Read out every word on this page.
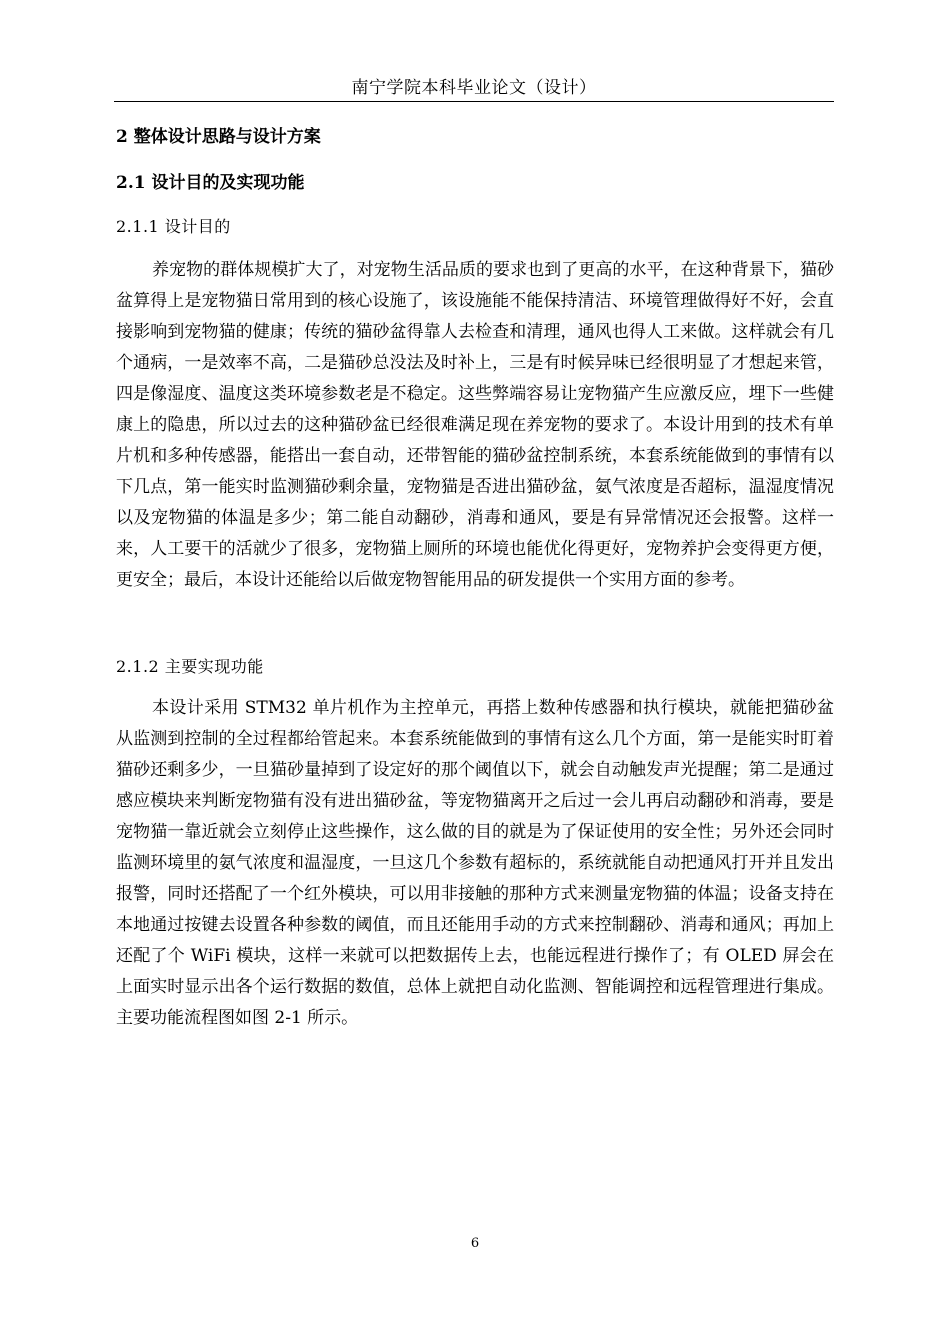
南宁学院本科毕业论文（设计）
2 整体设计思路与设计方案
2.1 设计目的及实现功能
2.1.1 设计目的
养宠物的群体规模扩大了，对宠物生活品质的要求也到了更高的水平，在这种背景下，猫砂盆算得上是宠物猫日常用到的核心设施了，该设施能不能保持清洁、环境管理做得好不好，会直接影响到宠物猫的健康；传统的猫砂盆得靠人去检查和清理，通风也得人工来做。这样就会有几个通病，一是效率不高，二是猫砂总没法及时补上，三是有时候异味已经很明显了才想起来管，四是像湿度、温度这类环境参数老是不稳定。这些弊端容易让宠物猫产生应激反应，埋下一些健康上的隐患，所以过去的这种猫砂盆已经很难满足现在养宠物的要求了。本设计用到的技术有单片机和多种传感器，能搭出一套自动，还带智能的猫砂盆控制系统，本套系统能做到的事情有以下几点，第一能实时监测猫砂剩余量，宠物猫是否进出猫砂盆，氨气浓度是否超标，温湿度情况以及宠物猫的体温是多少；第二能自动翻砂，消毒和通风，要是有异常情况还会报警。这样一来，人工要干的活就少了很多，宠物猫上厕所的环境也能优化得更好，宠物养护会变得更方便，更安全；最后，本设计还能给以后做宠物智能用品的研发提供一个实用方面的参考。
2.1.2 主要实现功能
本设计采用 STM32 单片机作为主控单元，再搭上数种传感器和执行模块，就能把猫砂盆从监测到控制的全过程都给管起来。本套系统能做到的事情有这么几个方面，第一是能实时盯着猫砂还剩多少，一旦猫砂量掉到了设定好的那个阈值以下，就会自动触发声光提醒；第二是通过感应模块来判断宠物猫有没有进出猫砂盆，等宠物猫离开之后过一会儿再启动翻砂和消毒，要是宠物猫一靠近就会立刻停止这些操作，这么做的目的就是为了保证使用的安全性；另外还会同时监测环境里的氨气浓度和温湿度，一旦这几个参数有超标的，系统就能自动把通风打开并且发出报警，同时还搭配了一个红外模块，可以用非接触的那种方式来测量宠物猫的体温；设备支持在本地通过按键去设置各种参数的阈值，而且还能用手动的方式来控制翻砂、消毒和通风；再加上还配了个 WiFi 模块，这样一来就可以把数据传上去，也能远程进行操作了；有 OLED 屏会在上面实时显示出各个运行数据的数值，总体上就把自动化监测、智能调控和远程管理进行集成。主要功能流程图如图 2-1 所示。
6
